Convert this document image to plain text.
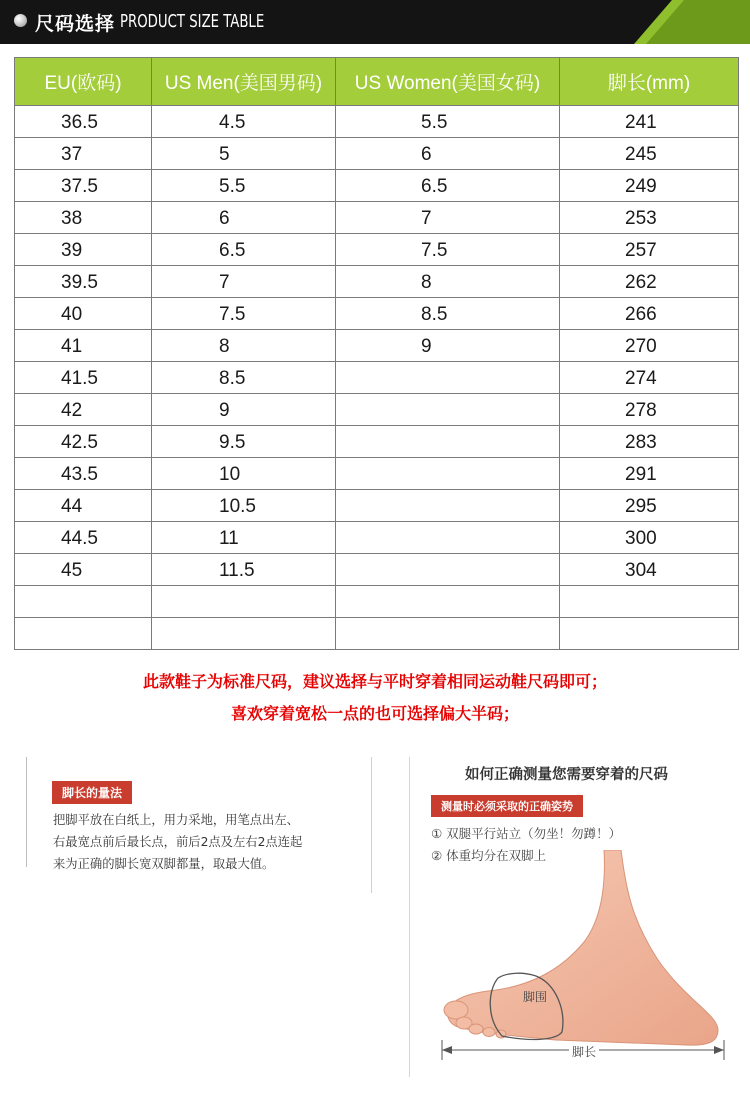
尺码选择 PRODUCT SIZE TABLE
EU(欧码)	US Men(美国男码)	US Women(美国女码)	脚长(mm)
36.5	4.5	5.5	241
37	5	6	245
37.5	5.5	6.5	249
38	6	7	253
39	6.5	7.5	257
39.5	7	8	262
40	7.5	8.5	266
41	8	9	270
41.5	8.5		274
42	9		278
42.5	9.5		283
43.5	10		291
44	10.5		295
44.5	11		300
45	11.5		304

此款鞋子为标准尺码，建议选择与平时穿着相同运动鞋尺码即可；
喜欢穿着宽松一点的也可选择偏大半码；
脚长的量法
把脚平放在白纸上，用力采地，用笔点出左、
右最宽点前后最长点，前后2点及左右2点连起
来为正确的脚长宽双脚都量，取最大值。
如何正确测量您需要穿着的尺码
测量时必须采取的正确姿势
① 双腿平行站立（勿坐！勿蹲！）
② 体重均分在双脚上
脚围
脚长
